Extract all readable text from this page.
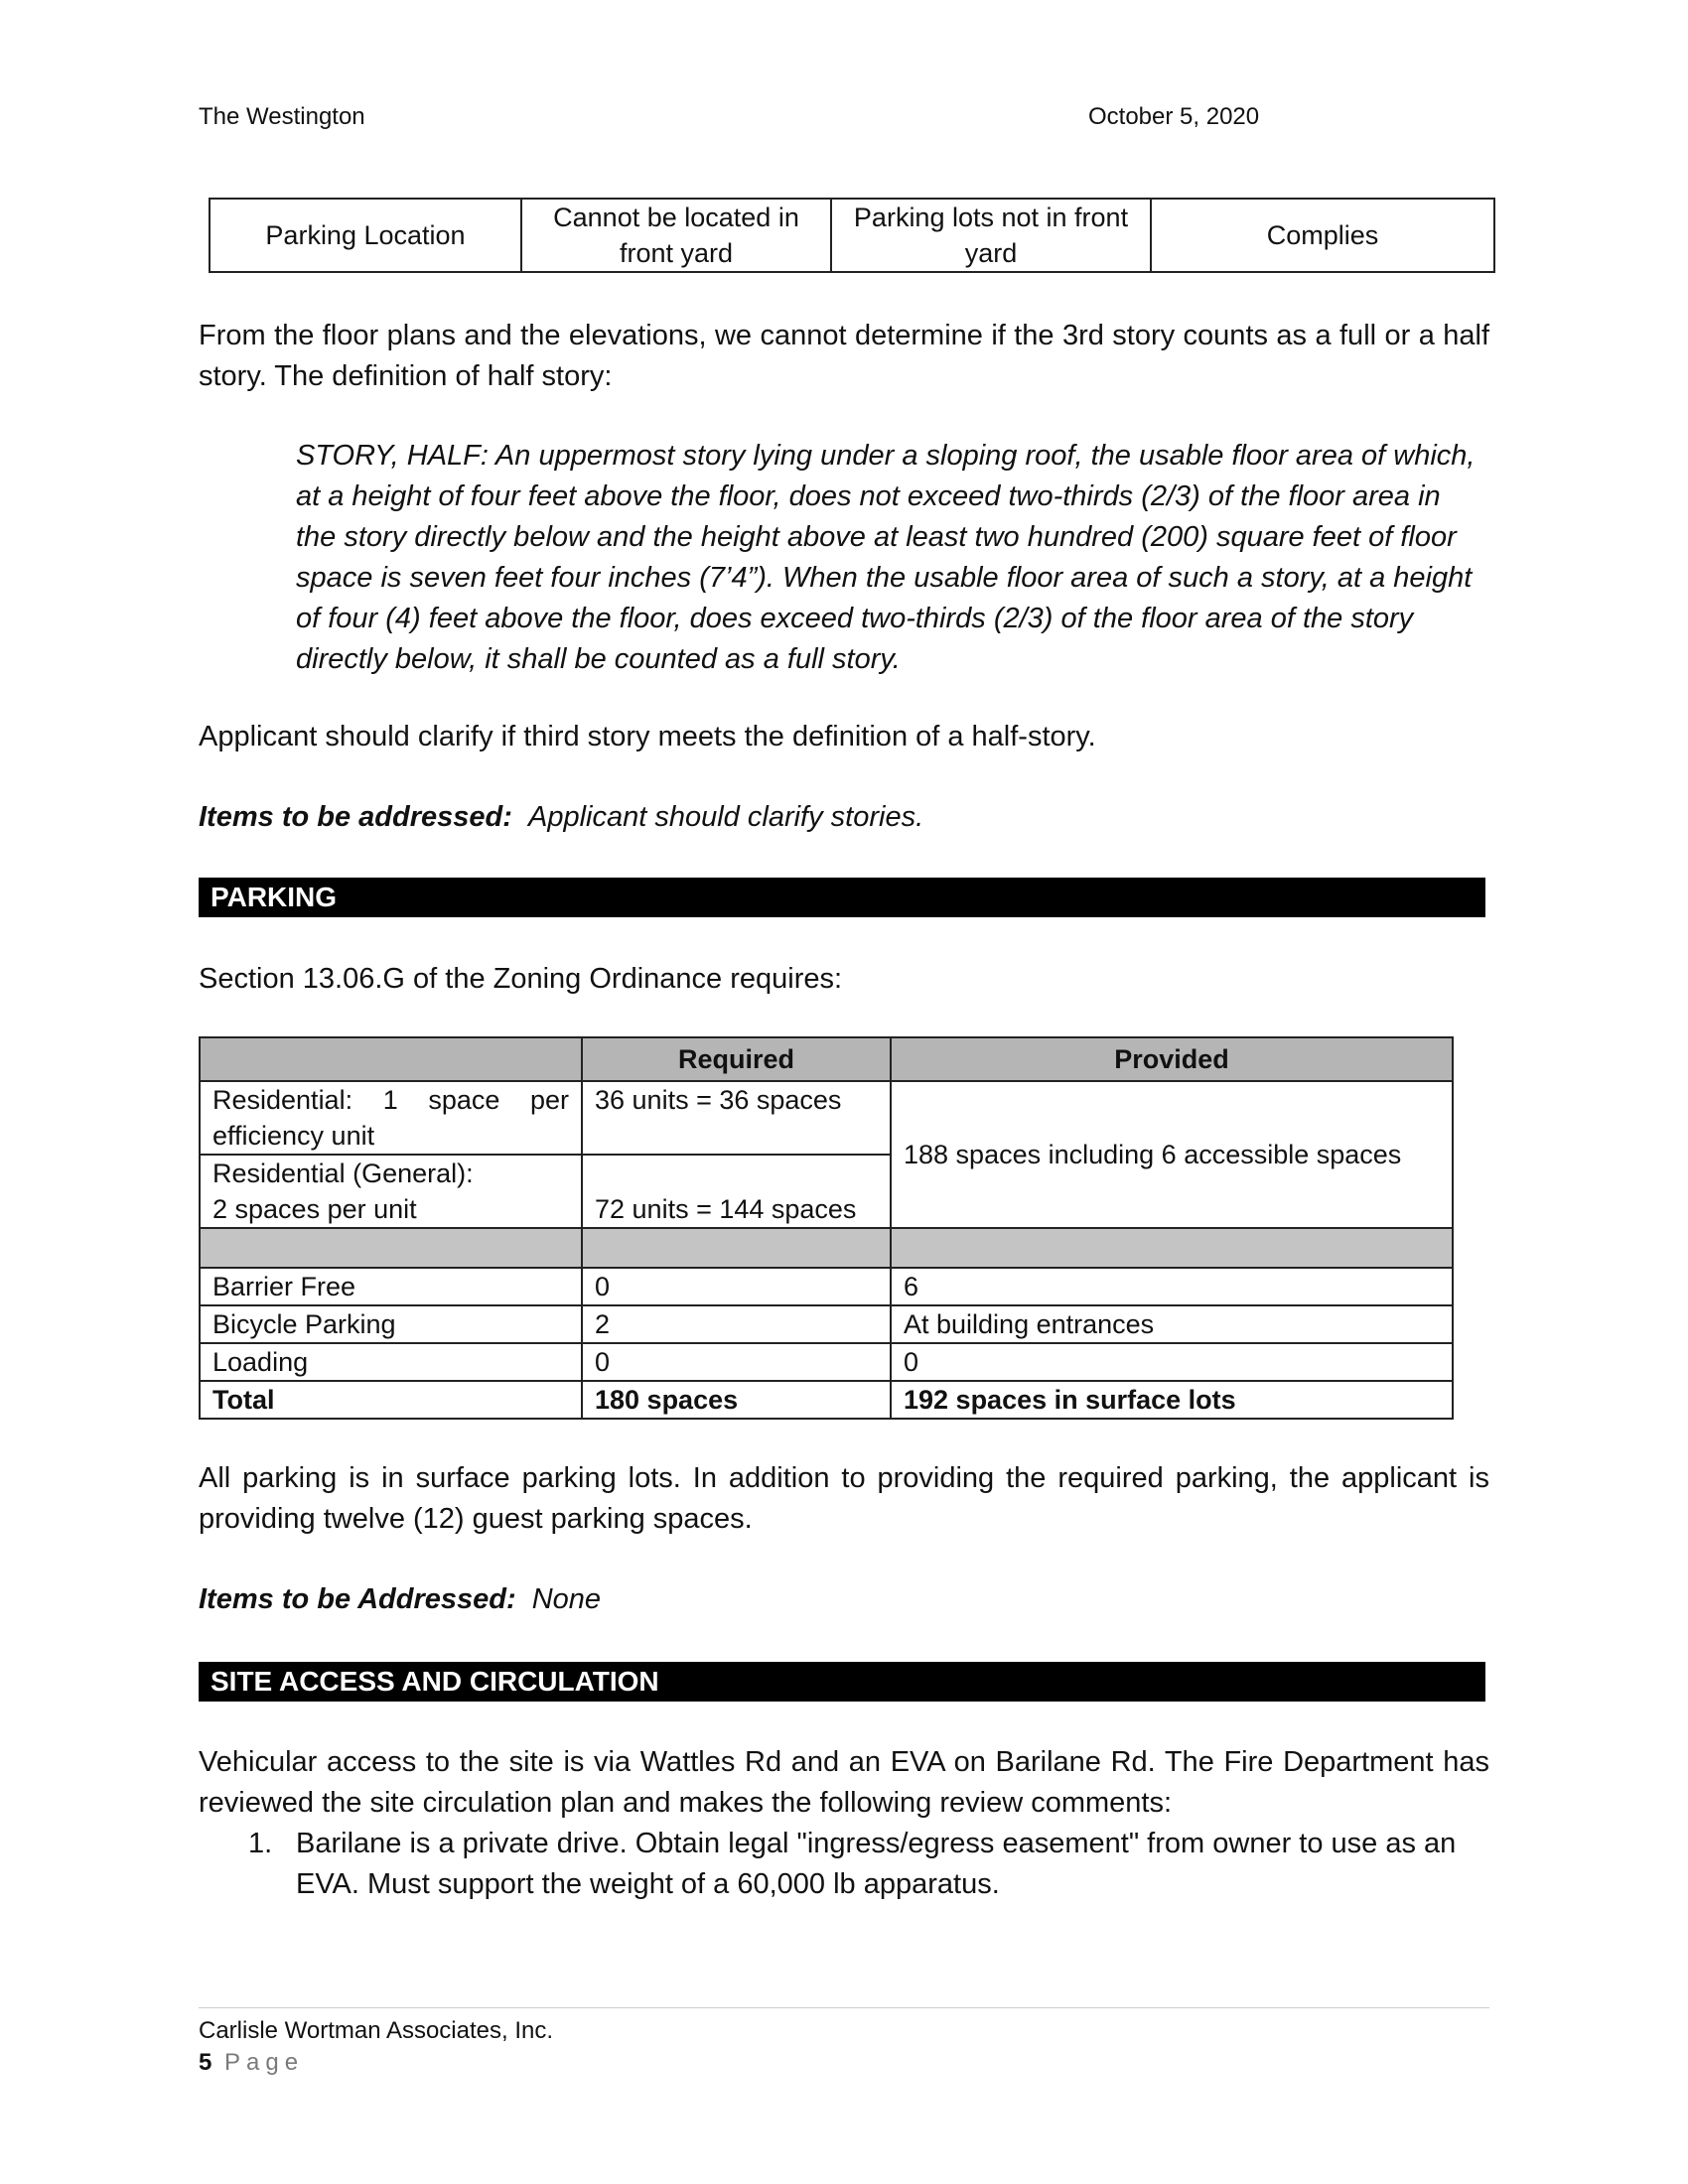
The Westington	October 5, 2020
Parking Location	Cannot be located in front yard	Parking lots not in front yard	Complies
From the floor plans and the elevations, we cannot determine if the 3rd story counts as a full or a half story. The definition of half story:
STORY, HALF: An uppermost story lying under a sloping roof, the usable floor area of which, at a height of four feet above the floor, does not exceed two-thirds (2/3) of the floor area in the story directly below and the height above at least two hundred (200) square feet of floor space is seven feet four inches (7’4”). When the usable floor area of such a story, at a height of four (4) feet above the floor, does exceed two-thirds (2/3) of the floor area of the story directly below, it shall be counted as a full story.
Applicant should clarify if third story meets the definition of a half-story.
Items to be addressed: Applicant should clarify stories.
PARKING
Section 13.06.G of the Zoning Ordinance requires:
	Required	Provided
Residential: 1 space per efficiency unit	36 units = 36 spaces	188 spaces including 6 accessible spaces

Residential (General):
2 spaces per unit	72 units = 144 spaces	

Barrier Free	0	6
Bicycle Parking	2	At building entrances
Loading	0	0
Total	180 spaces	192 spaces in surface lots
All parking is in surface parking lots. In addition to providing the required parking, the applicant is providing twelve (12) guest parking spaces.
Items to be Addressed: None
SITE ACCESS AND CIRCULATION
Vehicular access to the site is via Wattles Rd and an EVA on Barilane Rd. The Fire Department has reviewed the site circulation plan and makes the following review comments:
1. Barilane is a private drive. Obtain legal "ingress/egress easement" from owner to use as an EVA. Must support the weight of a 60,000 lb apparatus.
Carlisle Wortman Associates, Inc.
5 Page
